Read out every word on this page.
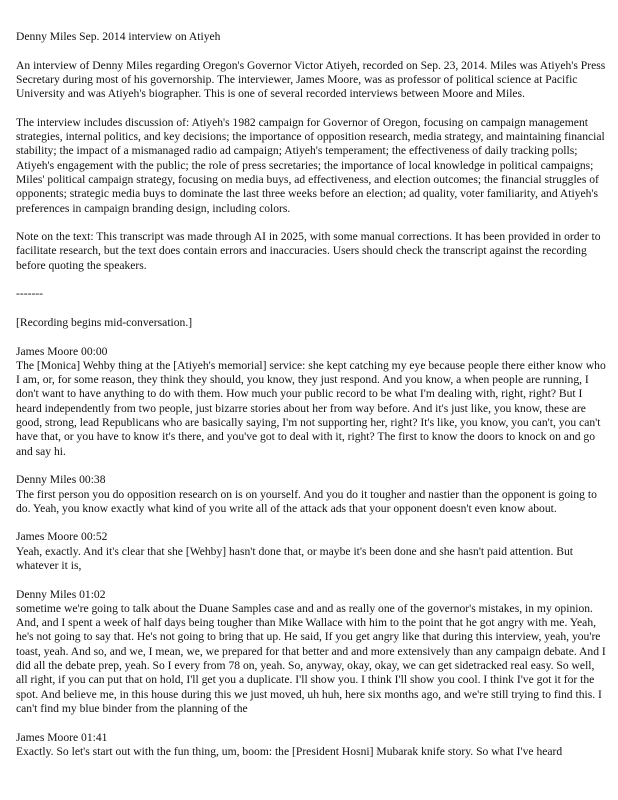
Denny Miles Sep. 2014 interview on Atiyeh

An interview of Denny Miles regarding Oregon's Governor Victor Atiyeh, recorded on Sep. 23, 2014. Miles was Atiyeh's Press Secretary during most of his governorship. The interviewer, James Moore, was as professor of political science at Pacific University and was Atiyeh's biographer. This is one of several recorded interviews between Moore and Miles.

The interview includes discussion of: Atiyeh's 1982 campaign for Governor of Oregon, focusing on campaign management strategies, internal politics, and key decisions; the importance of opposition research, media strategy, and maintaining financial stability; the impact of a mismanaged radio ad campaign; Atiyeh's temperament; the effectiveness of daily tracking polls; Atiyeh's engagement with the public; the role of press secretaries; the importance of local knowledge in political campaigns; Miles' political campaign strategy, focusing on media buys, ad effectiveness, and election outcomes; the financial struggles of opponents; strategic media buys to dominate the last three weeks before an election; ad quality, voter familiarity, and Atiyeh's preferences in campaign branding design, including colors.

Note on the text: This transcript was made through AI in 2025, with some manual corrections. It has been provided in order to facilitate research, but the text does contain errors and inaccuracies. Users should check the transcript against the recording before quoting the speakers.

-------

[Recording begins mid-conversation.]

James Moore 00:00
The [Monica] Wehby thing at the [Atiyeh's memorial] service: she kept catching my eye because people there either know who I am, or, for some reason, they think they should, you know, they just respond. And you know, a when people are running, I don't want to have anything to do with them. How much your public record to be what I'm dealing with, right, right? But I heard independently from two people, just bizarre stories about her from way before. And it's just like, you know, these are good, strong, lead Republicans who are basically saying, I'm not supporting her, right? It's like, you know, you can't, you can't have that, or you have to know it's there, and you've got to deal with it, right? The first to know the doors to knock on and go and say hi.
Denny Miles 00:38
The first person you do opposition research on is on yourself. And you do it tougher and nastier than the opponent is going to do. Yeah, you know exactly what kind of you write all of the attack ads that your opponent doesn't even know about.
James Moore 00:52
Yeah, exactly. And it's clear that she [Wehby] hasn't done that, or maybe it's been done and she hasn't paid attention. But whatever it is,
Denny Miles 01:02
sometime we're going to talk about the Duane Samples case and and as really one of the governor's mistakes, in my opinion. And, and I spent a week of half days being tougher than Mike Wallace with him to the point that he got angry with me. Yeah, he's not going to say that. He's not going to bring that up. He said, If you get angry like that during this interview, yeah, you're toast, yeah. And so, and we, I mean, we, we prepared for that better and and more extensively than any campaign debate. And I did all the debate prep, yeah. So I every from 78 on, yeah. So, anyway, okay, okay, we can get sidetracked real easy. So well, all right, if you can put that on hold, I'll get you a duplicate. I'll show you. I think I'll show you cool. I think I've got it for the spot. And believe me, in this house during this we just moved, uh huh, here six months ago, and we're still trying to find this. I can't find my blue binder from the planning of the
James Moore 01:41
Exactly. So let's start out with the fun thing, um, boom: the [President Hosni] Mubarak knife story. So what I've heard
